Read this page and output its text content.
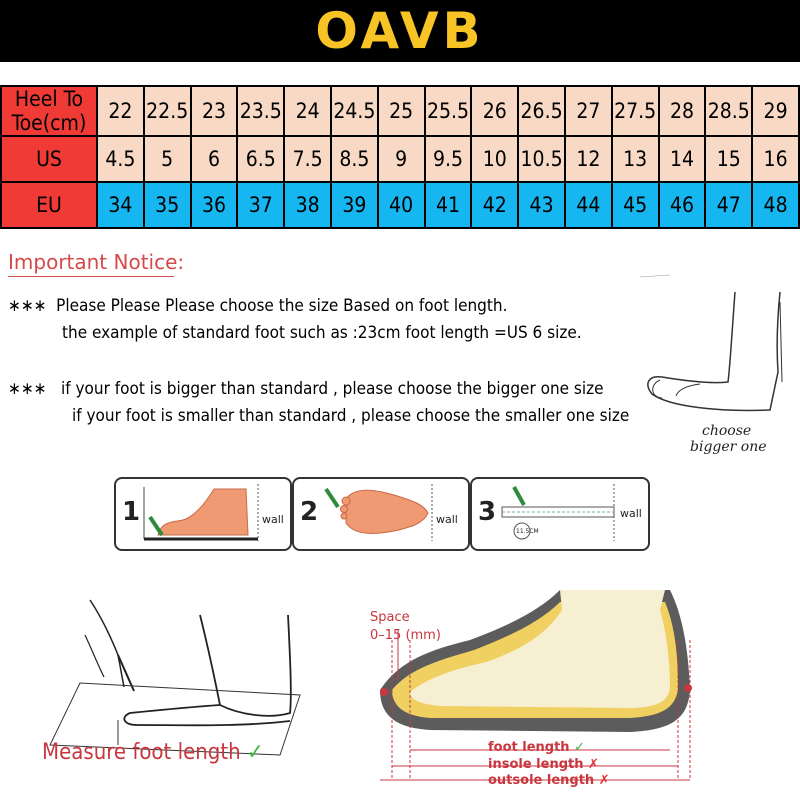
OAVB
Heel To Toe(cm)	22	22.5	23	23.5	24	24.5	25	25.5	26	26.5	27	27.5	28	28.5	29
US	4.5	5	6	6.5	7.5	8.5	9	9.5	10	10.5	12	13	14	15	16
EU	34	35	36	37	38	39	40	41	42	43	44	45	46	47	48
Important Notice:
∗∗∗  Please Please Please choose the size Based on foot length.
the example of standard foot such as :23cm foot length =US 6 size.
∗∗∗   if your foot is bigger than standard , please choose the bigger one size
if your foot is smaller than standard , please choose the smaller one size
choose
bigger one
1	wall 2	wall 3
11.5CM
wall
Measure foot length ✓
Space
0–15 (mm)
foot length ✓
insole length ✗
outsole length ✗
